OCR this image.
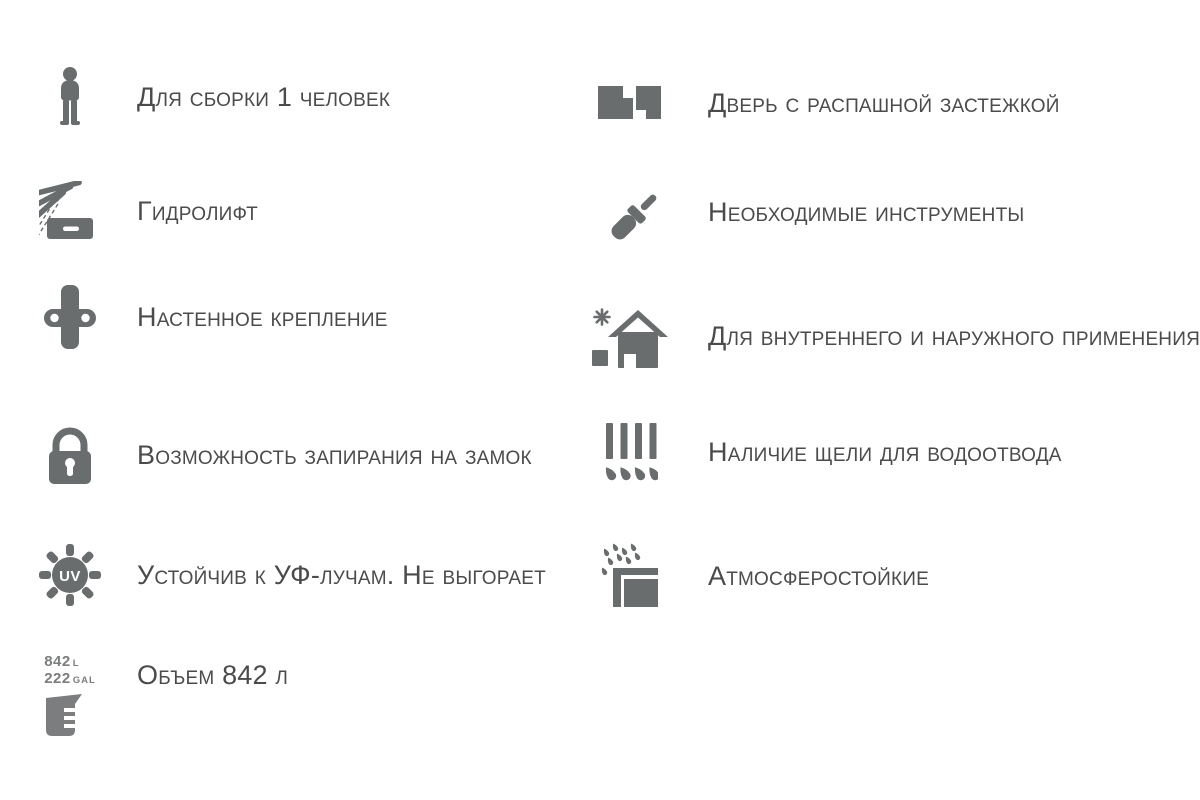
Для сборки 1 человек
Гидролифт
Настенное крепление
Возможность запирания на замок
UV Устойчив к УФ-лучам. Не выгорает
842 L
222 GAL Объем 842 л
Дверь с распашной застежкой
Необходимые инструменты
Для внутреннего и наружного применения
Наличие щели для водоотвода
Атмосферостойкие
